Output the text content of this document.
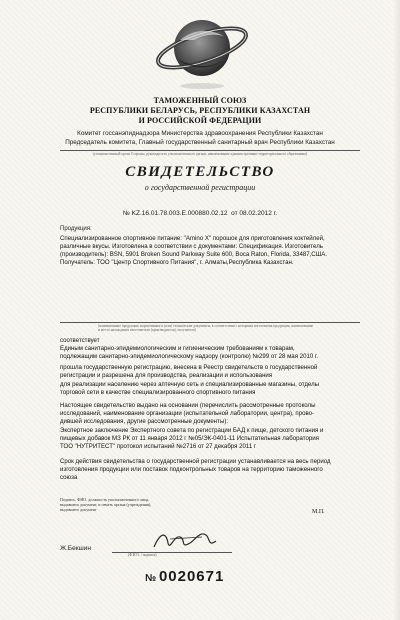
ТАМОЖЕННЫЙ СОЮЗ
РЕСПУБЛИКИ БЕЛАРУСЬ, РЕСПУБЛИКИ КАЗАХСТАН
И РОССИЙСКОЙ ФЕДЕРАЦИИ
Комитет госсанэпиднадзора Министерства здравоохранения Республики Казахстан
Председатель комитета, Главный государственный санитарный врач Республики Казахстан
(уполномоченный орган Стороны, руководитель уполномоченного органа, наименование административно-территориального образования)
СВИДЕТЕЛЬСТВО
о государственной регистрации
№ KZ.16.01.78.003.Е.000880.02.12 от 08.02.2012 г.
Продукция:
Специализированное спортивное питание: "Amino X" порошок для приготовления коктейлей,
различные вкусы. Изготовлена в соответствии с документами: Спецификация. Изготовитель
(производитель): BSN, 5901 Broken Sound Parkway Suite 600, Boca Raton, Florida, 33487,США.
Получатель: ТОО "Центр Спортивного Питания", г. Алматы,Республика Казахстан.
(наименование продукции, нормативные и (или) технические документы, в соответствии с которыми изготовлена продукция, наименование
и место нахождения изготовителя (производителя), получателя)
соответствует
Единым санитарно-эпидемиологическим и гигиеническим требованиям к товарам,
подлежащим санитарно-эпидемиологическому надзору (контролю) №299 от 28 мая 2010 г.
прошла государственную регистрацию, внесена в Реестр свидетельств о государственной
регистрации и разрешена для производства, реализации и использования
для реализации населению через аптечную сеть и специализированные магазины, отделы
торговой сети в качестве специализированного спортивного питания
Настоящее свидетельство выдано на основании (перечислить рассмотренные протоколы
исследований, наименование организации (испытательной лаборатории, центра), прово-
дившей исследования, другие рассмотренные документы):
Экспертное заключение Экспертного совета по регистрации БАД к пище, детского питания и
пищевых добавок МЗ РК от 11 января 2012 г №05/ЭК-0401-11 Испытательная лаборатория
ТОО "НУТРИТЕСТ" протокол испытаний №2716 от 27 декабря 2011 г
Срок действия свидетельства о государственной регистрации устанавливается на весь период
изготовления продукции или поставок подконтрольных товаров на территорию таможенного
союза
Подпись, ФИО, должность уполномоченного лица,
выдавшего документ, и печать органа (учреждения),
выдавшего документ	М.П.
Ж.Бекшин
(Ф.И.О. / подпись)
№ 0020671
